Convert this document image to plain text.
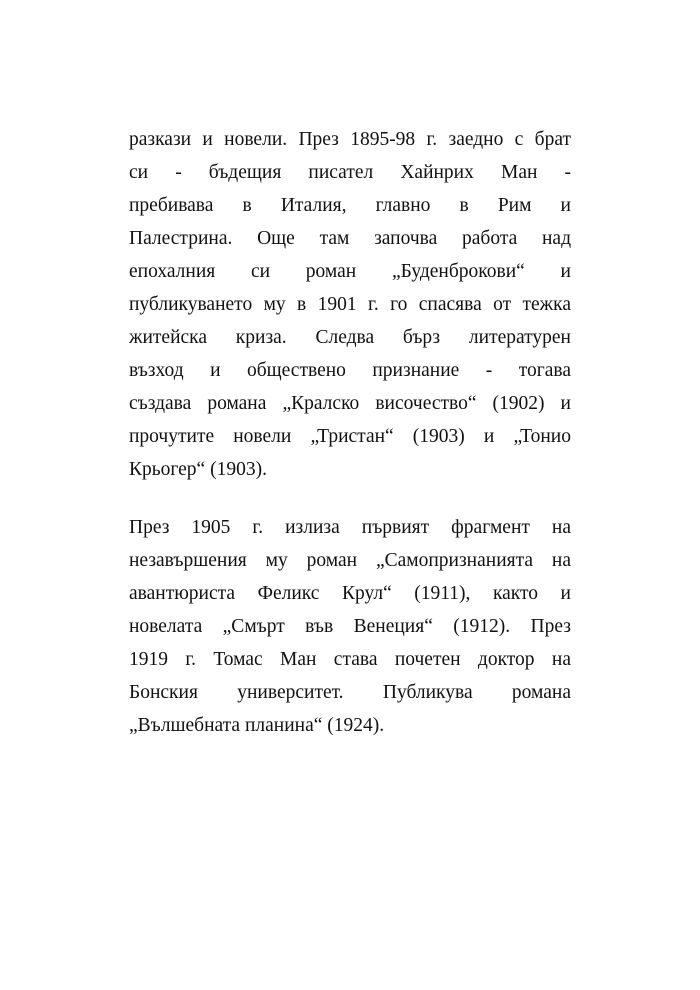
разкази и новели. През 1895-98 г. заедно с брат
си - бъдещия писател Хайнрих Ман -
пребивава в Италия, главно в Рим и
Палестрина. Още там започва работа над
епохалния си роман „Буденброкови“ и
публикуването му в 1901 г. го спасява от тежка
житейска криза. Следва бърз литературен
възход и обществено признание - тогава
създава романа „Кралско височество“ (1902) и
прочутите новели „Тристан“ (1903) и „Тонио
Крьогер“ (1903).
През 1905 г. излиза първият фрагмент на
незавършения му роман „Самопризнанията на
авантюриста Феликс Крул“ (1911), както и
новелата „Смърт във Венеция“ (1912). През
1919 г. Томас Ман става почетен доктор на
Бонския университет. Публикува романа
„Вълшебната планина“ (1924).
